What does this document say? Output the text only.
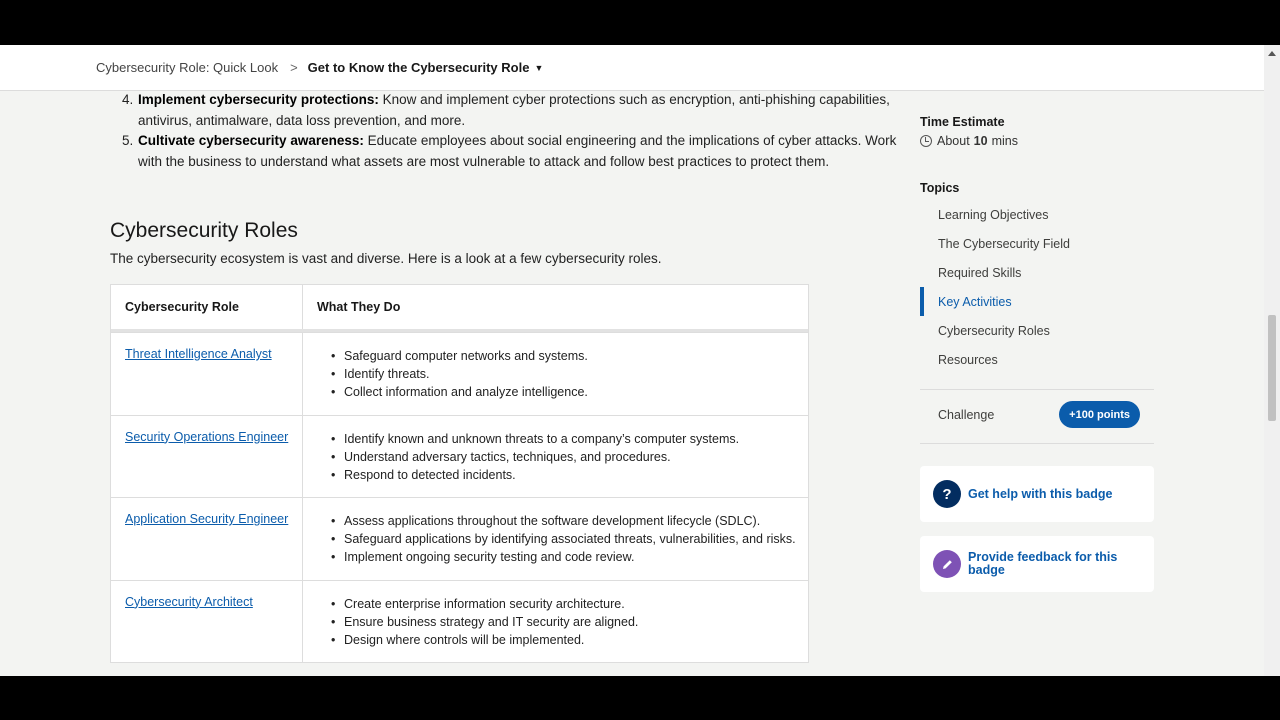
Cybersecurity Role: Quick Look > Get to Know the Cybersecurity Role ▼
4. Implement cybersecurity protections: Know and implement cyber protections such as encryption, anti-phishing capabilities, antivirus, antimalware, data loss prevention, and more.
5. Cultivate cybersecurity awareness: Educate employees about social engineering and the implications of cyber attacks. Work with the business to understand what assets are most vulnerable to attack and follow best practices to protect them.
Cybersecurity Roles

The cybersecurity ecosystem is vast and diverse. Here is a look at a few cybersecurity roles.

Cybersecurity Role	What They Do
Threat Intelligence Analyst	• Safeguard computer networks and systems.
• Identify threats.
• Collect information and analyze intelligence.
Security Operations Engineer	• Identify known and unknown threats to a company’s computer systems.
• Understand adversary tactics, techniques, and procedures.
• Respond to detected incidents.
Application Security Engineer	• Assess applications throughout the software development lifecycle (SDLC).
• Safeguard applications by identifying associated threats, vulnerabilities, and risks.
• Implement ongoing security testing and code review.
Cybersecurity Architect	• Create enterprise information security architecture.
• Ensure business strategy and IT security are aligned.
• Design where controls will be implemented.
Time Estimate
About 10 mins
Topics
Learning Objectives
The Cybersecurity Field
Required Skills
Key Activities
Cybersecurity Roles
Resources
Challenge	+100 points
?	Get help with this badge
Provide feedback for this badge
